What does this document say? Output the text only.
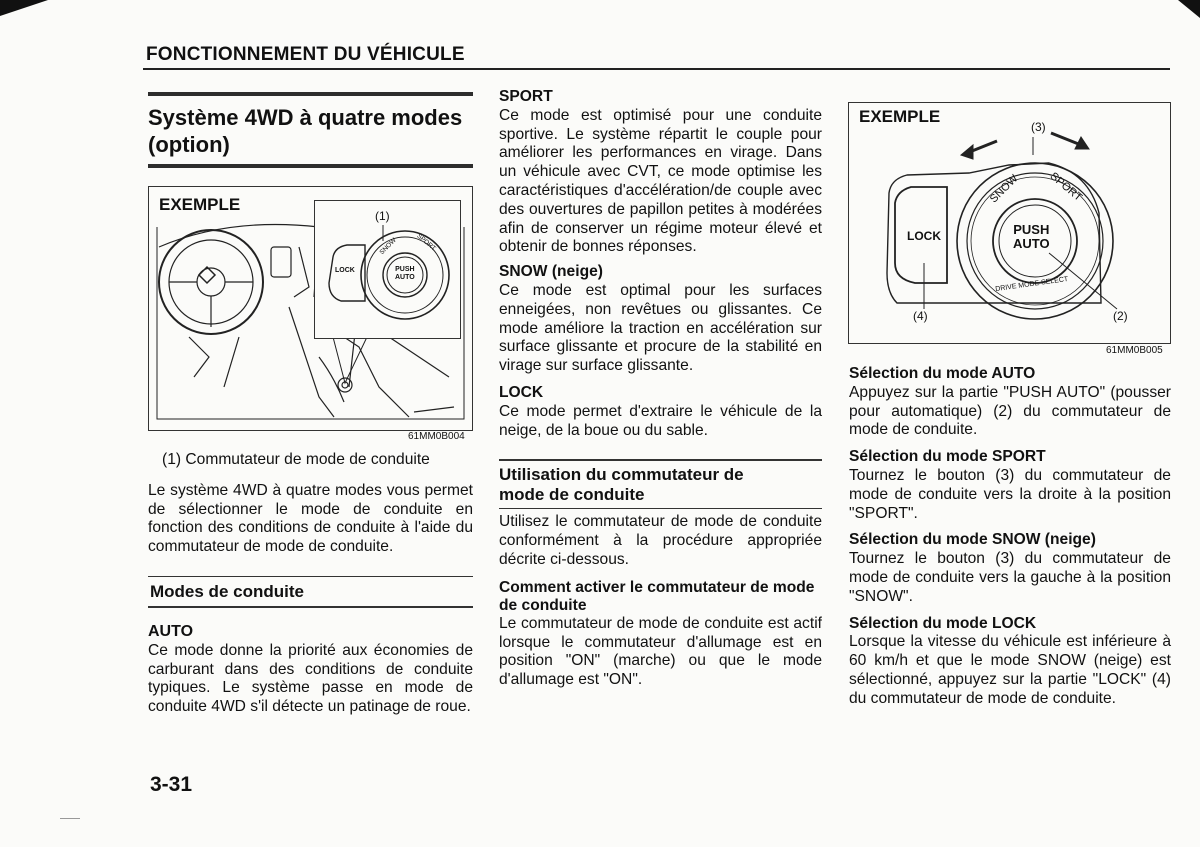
FONCTIONNEMENT DU VÉHICULE
Système 4WD à quatre modes
(option)
EXEMPLE
(1)
LOCK	PUSH
AUTO
SNOW	SPORT
61MM0B004

(1) Commutateur de mode de conduite

Le système 4WD à quatre modes vous permet de sélectionner le mode de conduite en fonction des conditions de conduite à l'aide du commutateur de mode de conduite.

Modes de conduite
AUTO

Ce mode donne la priorité aux économies de carburant dans des conditions de conduite typiques. Le système passe en mode de conduite 4WD s'il détecte un patinage de roue.

SPORT

Ce mode est optimisé pour une conduite sportive. Le système répartit le couple pour améliorer les performances en virage. Dans un véhicule avec CVT, ce mode optimise les caractéristiques d'accélération/de couple avec des ouvertures de papillon petites à modérées afin de conserver un régime moteur élevé et obtenir de bonnes réponses.

SNOW (neige)

Ce mode est optimal pour les surfaces enneigées, non revêtues ou glissantes. Ce mode améliore la traction en accélération sur surface glissante et procure de la stabilité en virage sur surface glissante.

LOCK

Ce mode permet d'extraire le véhicule de la neige, de la boue ou du sable.

Utilisation du commutateur de
mode de conduite

Utilisez le commutateur de mode de conduite conformément à la procédure appropriée décrite ci-dessous.

Comment activer le commutateur de mode de conduite

Le commutateur de mode de conduite est actif lorsque le commutateur d'allumage est en position "ON" (marche) ou que le mode d'allumage est "ON".

EXEMPLE
(3)
(4)	(2)
LOCK	PUSH
AUTO
SNOW SPORT
DRIVE MODE SELECT
61MM0B005
Sélection du mode AUTO

Appuyez sur la partie "PUSH AUTO" (pousser pour automatique) (2) du commutateur de mode de conduite.

Sélection du mode SPORT

Tournez le bouton (3) du commutateur de mode de conduite vers la droite à la position "SPORT".

Sélection du mode SNOW (neige)

Tournez le bouton (3) du commutateur de mode de conduite vers la gauche à la position "SNOW".

Sélection du mode LOCK

Lorsque la vitesse du véhicule est inférieure à 60 km/h et que le mode SNOW (neige) est sélectionné, appuyez sur la partie "LOCK" (4) du commutateur de mode de conduite.

3-31
